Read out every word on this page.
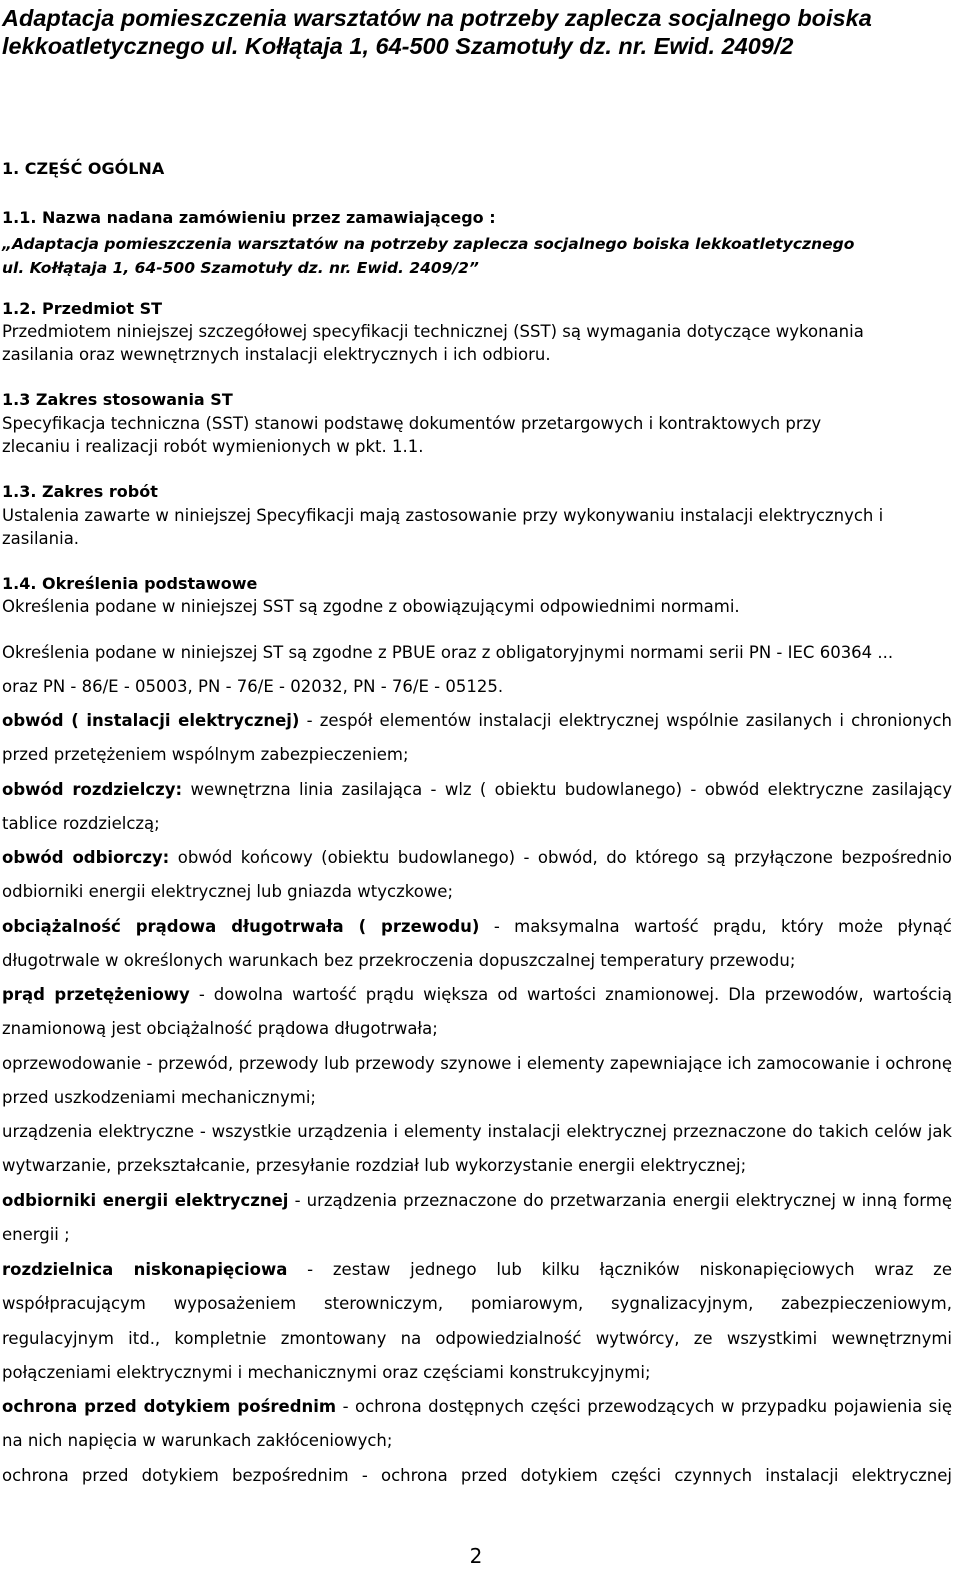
Adaptacja pomieszczenia warsztatów na potrzeby zaplecza socjalnego boiska lekkoatletycznego ul. Kołłątaja 1, 64-500 Szamotuły dz. nr. Ewid. 2409/2
1. CZĘŚĆ OGÓLNA
1.1. Nazwa nadana zamówieniu przez zamawiającego :
„Adaptacja pomieszczenia warsztatów na potrzeby zaplecza socjalnego boiska lekkoatletycznego
ul. Kołłątaja 1, 64-500 Szamotuły dz. nr. Ewid. 2409/2”
1.2. Przedmiot ST
Przedmiotem niniejszej szczegółowej specyfikacji technicznej (SST) są wymagania dotyczące wykonania
zasilania oraz wewnętrznych instalacji elektrycznych i ich odbioru.
1.3 Zakres stosowania ST
Specyfikacja techniczna (SST) stanowi podstawę dokumentów przetargowych i kontraktowych przy
zlecaniu i realizacji robót wymienionych w pkt. 1.1.
1.3. Zakres robót
Ustalenia zawarte w niniejszej Specyfikacji mają zastosowanie przy wykonywaniu instalacji elektrycznych i
zasilania.
1.4. Określenia podstawowe
Określenia podane w niniejszej SST są zgodne z obowiązującymi odpowiednimi normami.
Określenia podane w niniejszej ST są zgodne z PBUE oraz z obligatoryjnymi normami serii PN - IEC 60364 ...
oraz PN - 86/E - 05003, PN - 76/E - 02032, PN - 76/E - 05125.

obwód ( instalacji elektrycznej) - zespół elementów instalacji elektrycznej wspólnie zasilanych i chronionych przed przetężeniem wspólnym zabezpieczeniem;

obwód rozdzielczy: wewnętrzna linia zasilająca - wlz ( obiektu budowlanego) - obwód elektryczne zasilający tablice rozdzielczą;

obwód odbiorczy: obwód końcowy (obiektu budowlanego) - obwód, do którego są przyłączone bezpośrednio odbiorniki energii elektrycznej lub gniazda wtyczkowe;

obciążalność prądowa długotrwała ( przewodu) - maksymalna wartość prądu, który może płynąć długotrwale w określonych warunkach bez przekroczenia dopuszczalnej temperatury przewodu;

prąd przetężeniowy - dowolna wartość prądu większa od wartości znamionowej. Dla przewodów, wartością znamionową jest obciążalność prądowa długotrwała;

oprzewodowanie - przewód, przewody lub przewody szynowe i elementy zapewniające ich zamocowanie i ochronę przed uszkodzeniami mechanicznymi;

urządzenia elektryczne - wszystkie urządzenia i elementy instalacji elektrycznej przeznaczone do takich celów jak wytwarzanie, przekształcanie, przesyłanie rozdział lub wykorzystanie energii elektrycznej;

odbiorniki energii elektrycznej - urządzenia przeznaczone do przetwarzania energii elektrycznej w inną formę energii ;

rozdzielnica niskonapięciowa - zestaw jednego lub kilku łączników niskonapięciowych wraz ze współpracującym wyposażeniem sterowniczym, pomiarowym, sygnalizacyjnym, zabezpieczeniowym, regulacyjnym itd., kompletnie zmontowany na odpowiedzialność wytwórcy, ze wszystkimi wewnętrznymi połączeniami elektrycznymi i mechanicznymi oraz częściami konstrukcyjnymi;

ochrona przed dotykiem pośrednim - ochrona dostępnych części przewodzących w przypadku pojawienia się na nich napięcia w warunkach zakłóceniowych;

ochrona przed dotykiem bezpośrednim - ochrona przed dotykiem części czynnych instalacji elektrycznej

2
